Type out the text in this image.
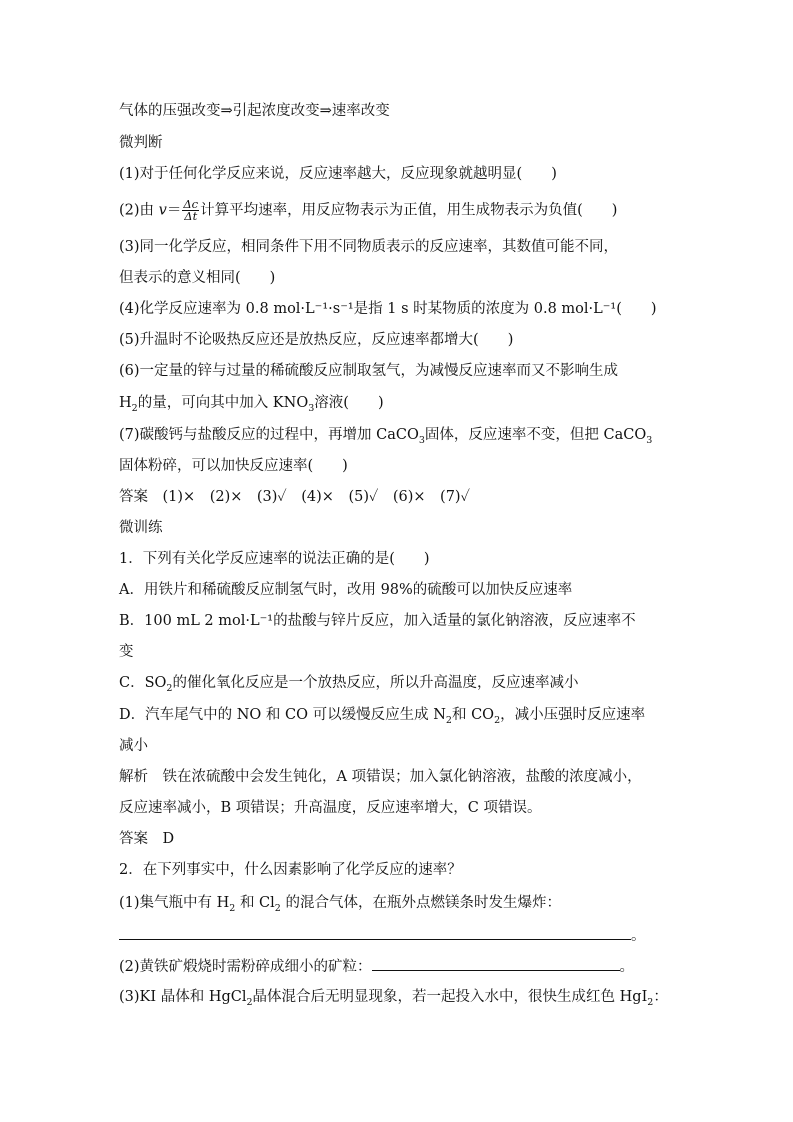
气体的压强改变⇒引起浓度改变⇒速率改变
微判断
(1)对于任何化学反应来说，反应速率越大，反应现象就越明显(　　)
(2)由 $v= \frac{\Delta c}{\Delta t}$ 计算平均速率，用反应物表示为正值，用生成物表示为负值(　　)
(3)同一化学反应，相同条件下用不同物质表示的反应速率，其数值可能不同，
但表示的意义相同(　　)
(4)化学反应速率为 0.8 mol·L⁻¹·s⁻¹是指 1 s 时某物质的浓度为 0.8 mol·L⁻¹(　　)
(5)升温时不论吸热反应还是放热反应，反应速率都增大(　　)
(6)一定量的锌与过量的稀硫酸反应制取氢气，为减慢反应速率而又不影响生成
$H_2$的量，可向其中加入 $KNO_3$溶液(　　)
(7)碳酸钙与盐酸反应的过程中，再增加 CaCO$_3$固体，反应速率不变，但把 CaCO$_3$
固体粉碎，可以加快反应速率(　　)
答案　(1)×　(2)×　(3)✓　(4)×　(5)✓　(6)×　(7)✓
微训练
1．下列有关化学反应速率的说法正确的是(　　)
A．用铁片和稀硫酸反应制氢气时，改用 98%的硫酸可以加快反应速率
B．100 mL 2 mol·L⁻¹的盐酸与锌片反应，加入适量的氯化钠溶液，反应速率不
变
C．$SO_2$的催化氧化反应是一个放热反应，所以升高温度，反应速率减小
D．汽车尾气中的 NO 和 CO 可以缓慢反应生成 $N_2$和 $CO_2$，减小压强时反应速率
减小
解析　铁在浓硫酸中会发生钝化，A 项错误；加入氯化钠溶液，盐酸的浓度减小，
反应速率减小，B 项错误；升高温度，反应速率增大，C 项错误。
答案　D
2．在下列事实中，什么因素影响了化学反应的速率？
(1)集气瓶中有 $H_2$ 和 $Cl_2$ 的混合气体，在瓶外点燃镁条时发生爆炸：
。
(2)黄铁矿煅烧时需粉碎成细小的矿粒：	。
(3)KI 晶体和 HgCl$_2$晶体混合后无明显现象，若一起投入水中，很快生成红色 HgI$_2$：
